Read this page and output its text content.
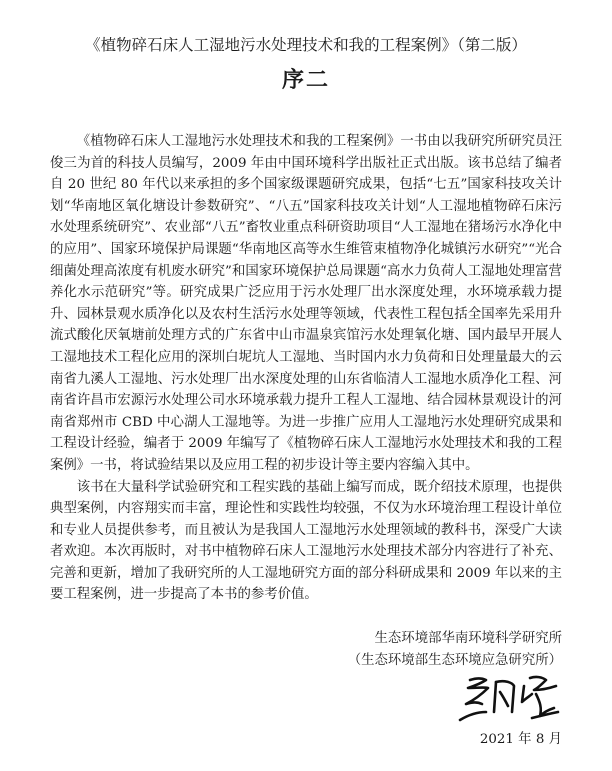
《植物碎石床人工湿地污水处理技术和我的工程案例》（第二版）
序二

《植物碎石床人工湿地污水处理技术和我的工程案例》一书由以我研究所研究员汪俊三为首的科技人员编写，2009 年由中国环境科学出版社正式出版。该书总结了编者自 20 世纪 80 年代以来承担的多个国家级课题研究成果，包括“七五”国家科技攻关计划“华南地区氧化塘设计参数研究”、“八五”国家科技攻关计划“人工湿地植物碎石床污水处理系统研究”、农业部“八五”畜牧业重点科研资助项目“人工湿地在猪场污水净化中的应用”、国家环境保护局课题“华南地区高等水生维管束植物净化城镇污水研究”“光合细菌处理高浓度有机废水研究”和国家环境保护总局课题“高水力负荷人工湿地处理富营养化水示范研究”等。研究成果广泛应用于污水处理厂出水深度处理，水环境承载力提升、园林景观水质净化以及农村生活污水处理等领域，代表性工程包括全国率先采用升流式酸化厌氧塘前处理方式的广东省中山市温泉宾馆污水处理氧化塘、国内最早开展人工湿地技术工程化应用的深圳白坭坑人工湿地、当时国内水力负荷和日处理量最大的云南省九溪人工湿地、污水处理厂出水深度处理的山东省临清人工湿地水质净化工程、河南省许昌市宏源污水处理公司水环境承载力提升工程人工湿地、结合园林景观设计的河南省郑州市 CBD 中心湖人工湿地等。为进一步推广应用人工湿地污水处理研究成果和工程设计经验，编者于 2009 年编写了《植物碎石床人工湿地污水处理技术和我的工程案例》一书，将试验结果以及应用工程的初步设计等主要内容编入其中。

该书在大量科学试验研究和工程实践的基础上编写而成，既介绍技术原理，也提供典型案例，内容翔实而丰富，理论性和实践性均较强，不仅为水环境治理工程设计单位和专业人员提供参考，而且被认为是我国人工湿地污水处理领域的教科书，深受广大读者欢迎。本次再版时，对书中植物碎石床人工湿地污水处理技术部分内容进行了补充、完善和更新，增加了我研究所的人工湿地研究方面的部分科研成果和 2009 年以来的主要工程案例，进一步提高了本书的参考价值。

生态环境部华南环境科学研究所
（生态环境部生态环境应急研究所）
2021 年 8 月
